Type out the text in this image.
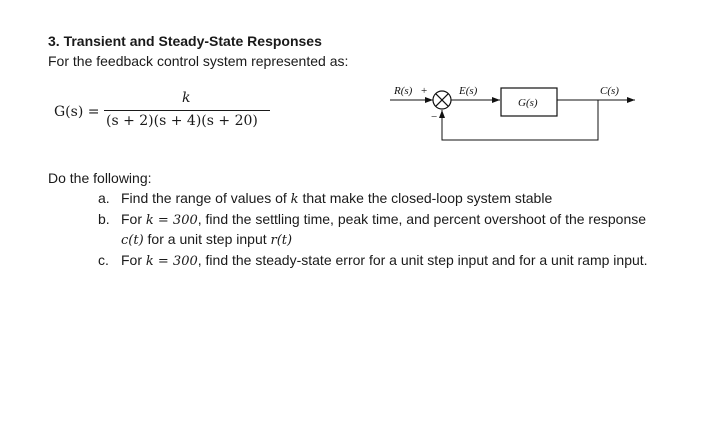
3. Transient and Steady-State Responses
For the feedback control system represented as:
G(s) =
k
(s + 2)(s + 4)(s + 20)
R(s) +
−
E(s)
G(s)
C(s)
Do the following:
a. Find the range of values of k that make the closed-loop system stable
b. For k = 300, find the settling time, peak time, and percent overshoot of the response c(t) for a unit step input r(t)
c. For k = 300, find the steady-state error for a unit step input and for a unit ramp input.
